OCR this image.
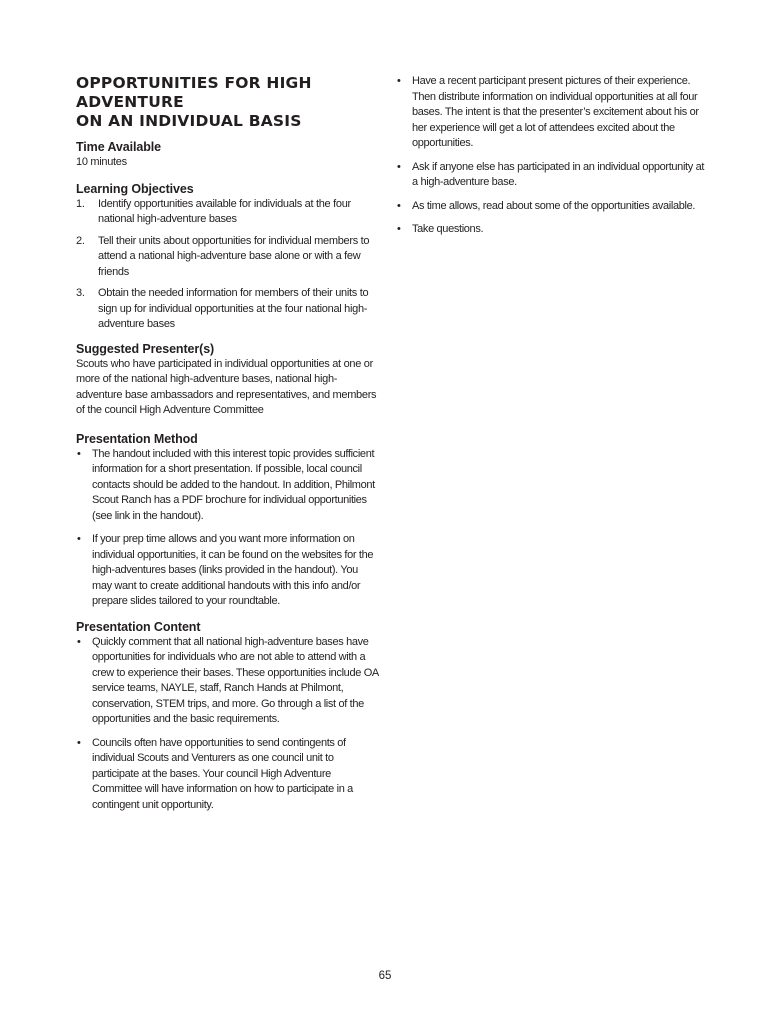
OPPORTUNITIES FOR HIGH ADVENTURE
ON AN INDIVIDUAL BASIS
Time Available

10 minutes

Learning Objectives
1. Identify opportunities available for individuals at the four national high-adventure bases
2. Tell their units about opportunities for individual members to attend a national high-adventure base alone or with a few friends
3. Obtain the needed information for members of their units to sign up for individual opportunities at the four national high-adventure bases
Suggested Presenter(s)

Scouts who have participated in individual opportunities at one or more of the national high-adventure bases, national high-adventure base ambassadors and representatives, and members of the council High Adventure Committee

Presentation Method
• The handout included with this interest topic provides sufficient information for a short presentation. If possible, local council contacts should be added to the handout. In addition, Philmont Scout Ranch has a PDF brochure for individual opportunities (see link in the handout).
• If your prep time allows and you want more information on individual opportunities, it can be found on the websites for the high-adventures bases (links provided in the handout). You may want to create additional handouts with this info and/or prepare slides tailored to your roundtable.
Presentation Content
• Quickly comment that all national high-adventure bases have opportunities for individuals who are not able to attend with a crew to experience their bases. These opportunities include OA service teams, NAYLE, staff, Ranch Hands at Philmont, conservation, STEM trips, and more. Go through a list of the opportunities and the basic requirements.
• Councils often have opportunities to send contingents of individual Scouts and Venturers as one council unit to participate at the bases. Your council High Adventure Committee will have information on how to participate in a contingent unit opportunity.
• Have a recent participant present pictures of their experience. Then distribute information on individual opportunities at all four bases. The intent is that the presenter’s excitement about his or her experience will get a lot of attendees excited about the opportunities.
• Ask if anyone else has participated in an individual opportunity at a high-adventure base.
• As time allows, read about some of the opportunities available.
• Take questions.
65
